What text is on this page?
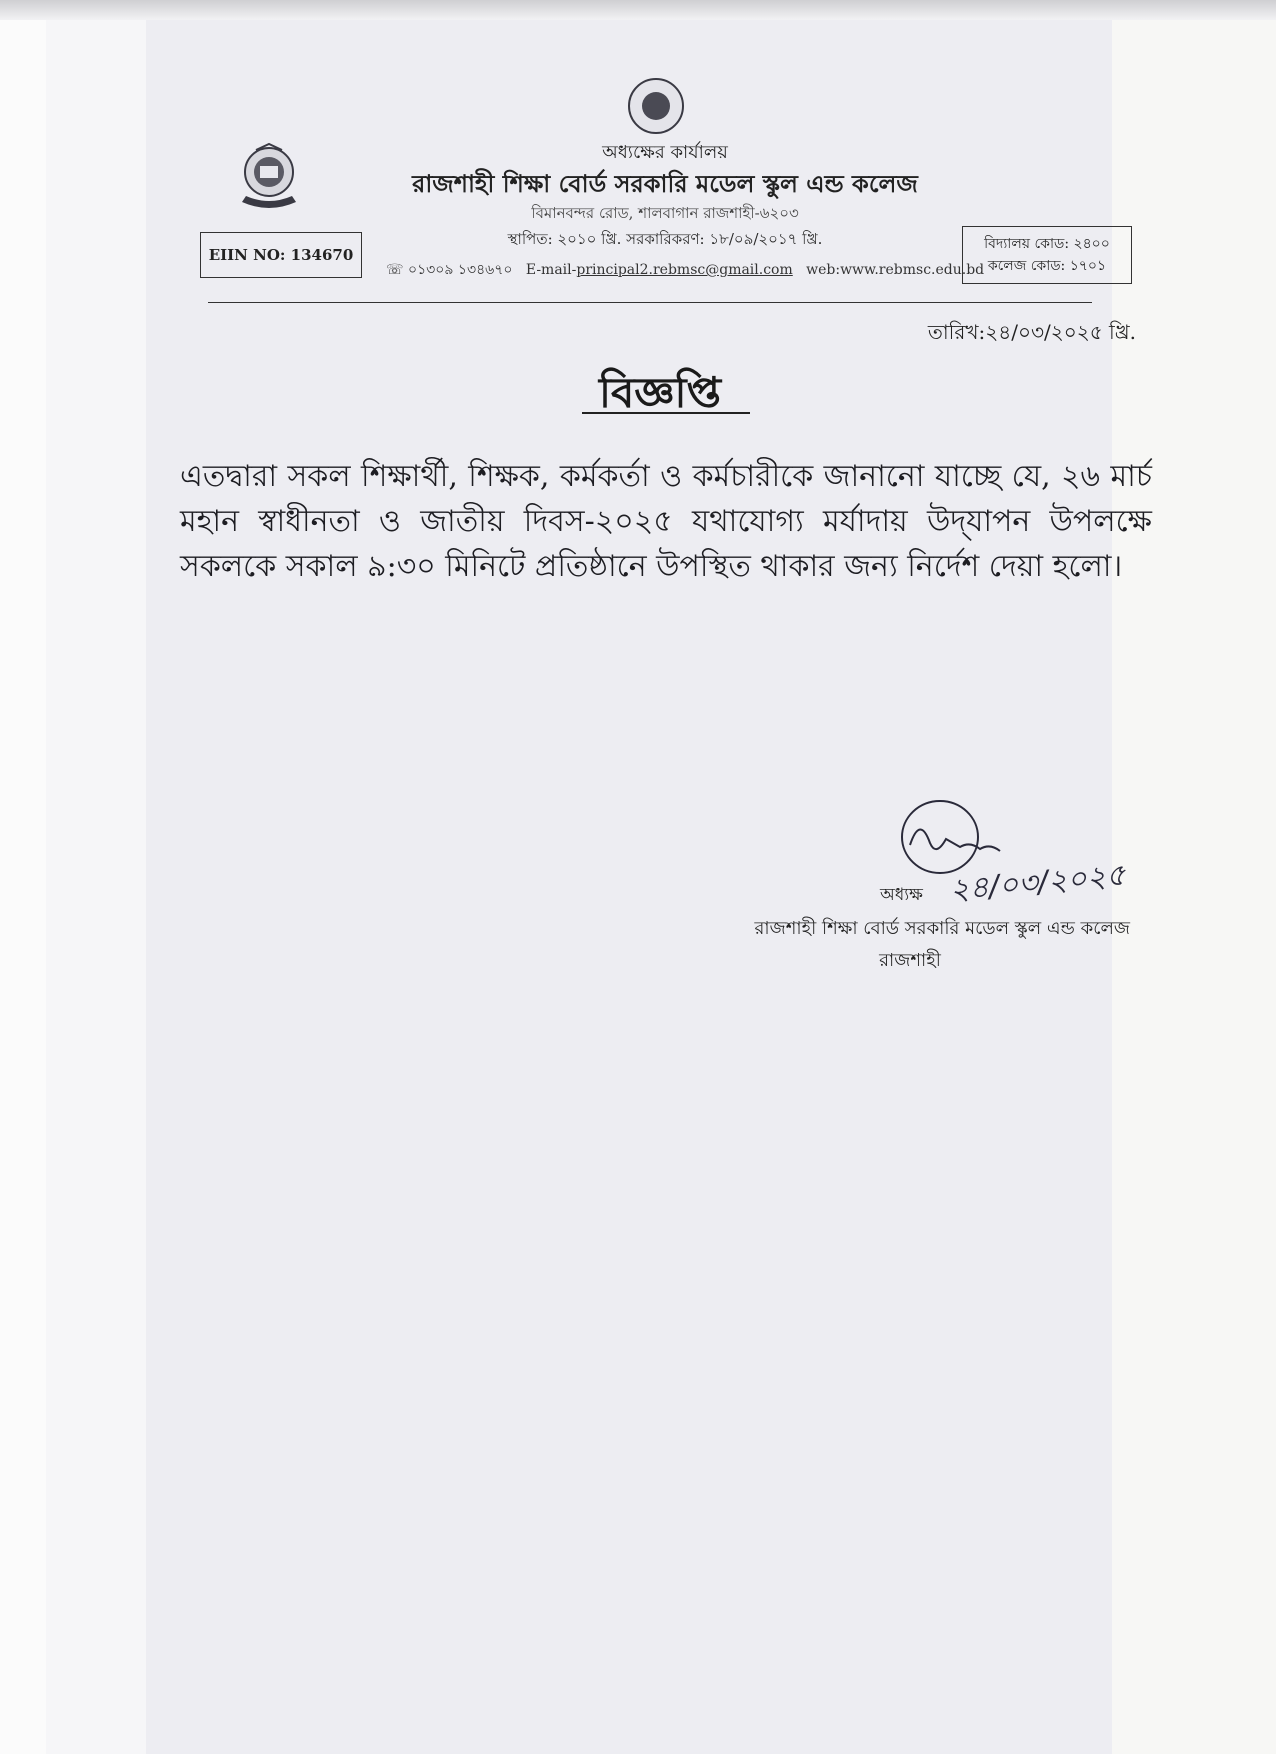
অধ্যক্ষের কার্যালয়
রাজশাহী শিক্ষা বোর্ড সরকারি মডেল স্কুল এন্ড কলেজ
বিমানবন্দর রোড, শালবাগান রাজশাহী-৬২০৩
স্থাপিত: ২০১০ খ্রি. সরকারিকরণ: ১৮/০৯/২০১৭ খ্রি.
☏ ০১৩০৯ ১৩৪৬৭০ E-mail-principal2.rebmsc@gmail.com web:www.rebmsc.edu.bd
EIIN NO: 134670
বিদ্যালয় কোড: ২৪০০
কলেজ কোড: ১৭০১
তারিখ:২৪/০৩/২০২৫ খ্রি.
বিজ্ঞপ্তি
এতদ্বারা সকল শিক্ষার্থী, শিক্ষক, কর্মকর্তা ও কর্মচারীকে জানানো যাচ্ছে যে, ২৬ মার্চ মহান স্বাধীনতা ও জাতীয় দিবস-২০২৫ যথাযোগ্য মর্যাদায় উদ্‌যাপন উপলক্ষে সকলকে সকাল ৯:৩০ মিনিটে প্রতিষ্ঠানে উপস্থিত থাকার জন্য নির্দেশ দেয়া হলো।
অধ্যক্ষ ২৪/০৩/২০২৫
রাজশাহী শিক্ষা বোর্ড সরকারি মডেল স্কুল এন্ড কলেজ
রাজশাহী
